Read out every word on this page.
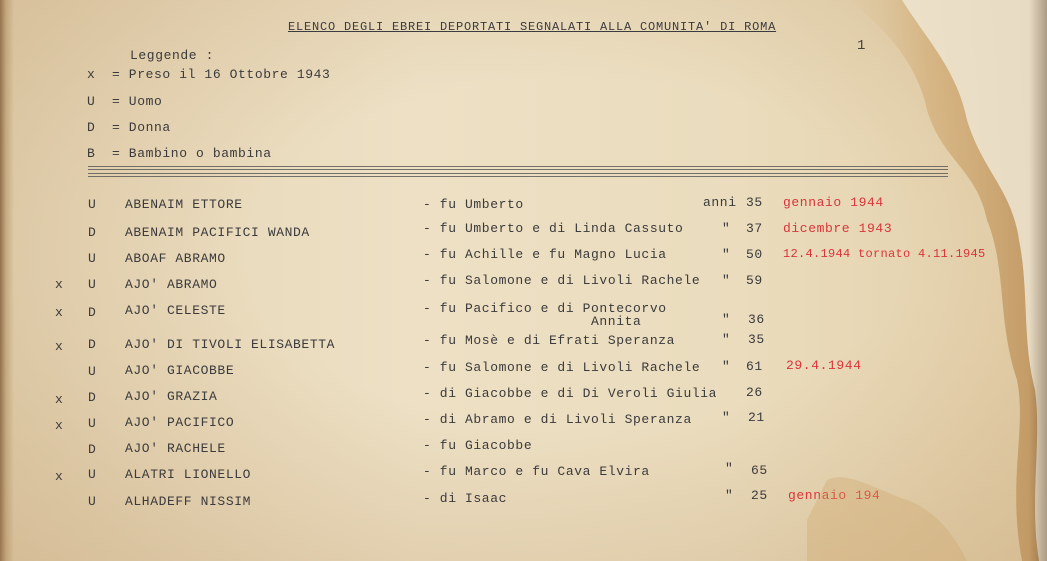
ELENCO DEGLI EBREI DEPORTATI SEGNALATI ALLA COMUNITA' DI ROMA
1
Leggende :
x = Preso il 16 Ottobre 1943
U = Uomo
D = Donna
B = Bambino o bambina
U ABENAIM ETTORE	- fu Umberto	anni 35 gennaio 1944
D ABENAIM PACIFICI WANDA	- fu Umberto e di Linda Cassuto	" 37 dicembre 1943
U ABOAF ABRAMO	- fu Achille e fu Magno Lucia	" 50 12.4.1944 tornato 4.11.1945
x U AJO' ABRAMO	- fu Salomone e di Livoli Rachele " 59
x D AJO' CELESTE	- fu Pacifico e di Pontecorvo
Annita	" 36
x D AJO' DI TIVOLI ELISABETTA	- fu Mosè e di Efrati Speranza	" 35
U AJO' GIACOBBE	- fu Salomone e di Livoli Rachele " 61 29.4.1944
x D AJO' GRAZIA	- di Giacobbe e di Di Veroli Giulia 26
x U AJO' PACIFICO	- di Abramo e di Livoli Speranza " 21
D AJO' RACHELE	- fu Giacobbe
x U ALATRI LIONELLO	- fu Marco e fu Cava Elvira	" 65
U ALHADEFF NISSIM	- di Isaac	" 25 gennaio 194
